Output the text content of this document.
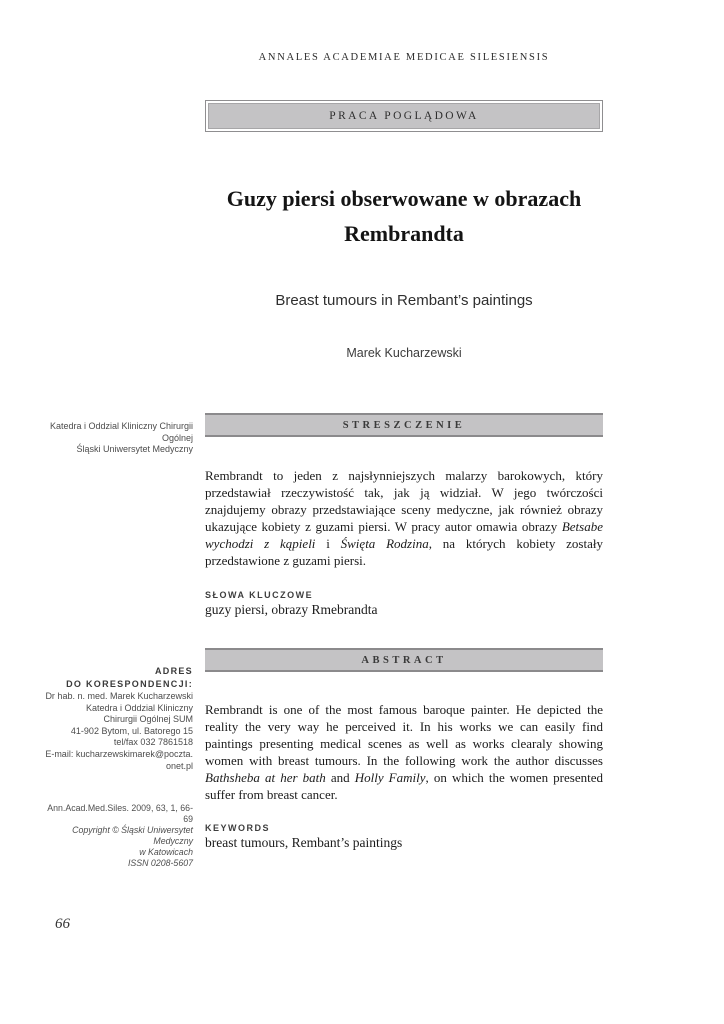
ANNALES ACADEMIAE MEDICAE SILESIENSIS
PRACA POGLĄDOWA
Guzy piersi obserwowane w obrazach
Rembrandta
Breast tumours in Rembant’s paintings
Marek Kucharzewski
Katedra i Oddzial Kliniczny Chirurgii Ogólnej
Śląski Uniwersytet Medyczny
STRESZCZENIE

Rembrandt to jeden z najsłynniejszych malarzy barokowych, który przedstawiał rzeczywistość tak, jak ją widział. W jego twórczości znajdujemy obrazy przedstawiające sceny medyczne, jak również obrazy ukazujące kobiety z guzami piersi. W pracy autor omawia obrazy Betsabe wychodzi z kąpieli i Święta Rodzina, na których kobiety zostały przedstawione z guzami piersi.

SŁOWA KLUCZOWE
guzy piersi, obrazy Rmebrandta
ADRES
DO KORESPONDENCJI:
Dr hab. n. med. Marek Kucharzewski
Katedra i Oddzial Kliniczny
Chirurgii Ogólnej SUM
41-902 Bytom, ul. Batorego 15
tel/fax 032 7861518
E-mail: kucharzewskimarek@poczta.
onet.pl
ABSTRACT

Rembrandt is one of the most famous baroque painter. He depicted the reality the very way he perceived it. In his works we can easily find paintings presenting medical scenes as well as works clearaly showing women with breast tumours. In the following work the author discusses Bathsheba at her bath and Holly Family, on which the women presented suffer from breast cancer.

Ann.Acad.Med.Siles. 2009, 63, 1, 66-69
Copyright © Śląski Uniwersytet Medyczny
w Katowicach
ISSN 0208-5607
KEYWORDS
breast tumours, Rembant’s paintings
66
